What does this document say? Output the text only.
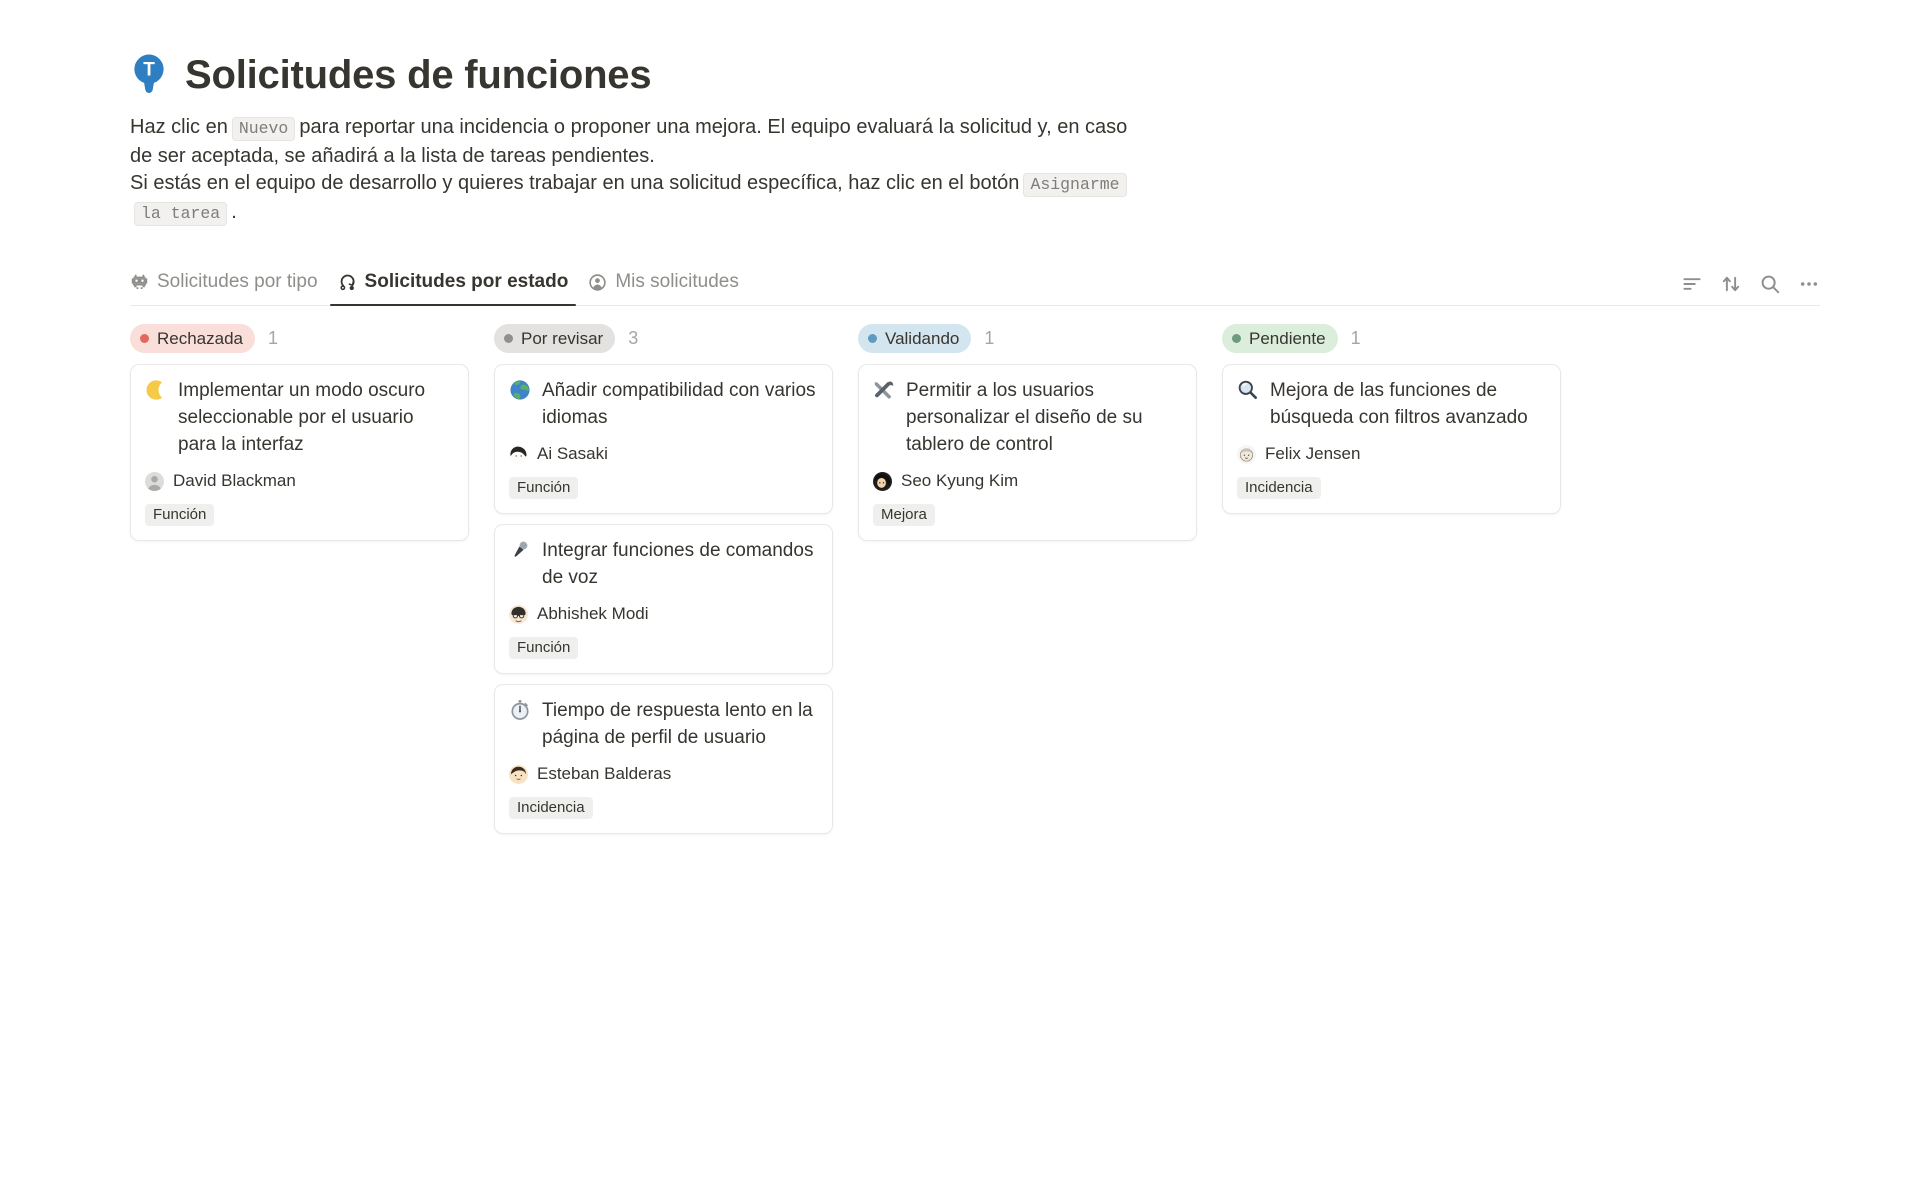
T Solicitudes de funciones

Haz clic en Nuevo para reportar una incidencia o proponer una mejora. El equipo evaluará la solicitud y, en caso de ser aceptada, se añadirá a la lista de tareas pendientes.

Si estás en el equipo de desarrollo y quieres trabajar en una solicitud específica, haz clic en el botón Asignarme la tarea .

Solicitudes por tipo Solicitudes por estado Mis solicitudes
Rechazada 1
Implementar un modo oscuro seleccionable por el usuario para la interfaz
David Blackman
Función
Por revisar 3
Añadir compatibilidad con varios idiomas
Ai Sasaki
Función
Integrar funciones de comandos de voz
Abhishek Modi
Función
Tiempo de respuesta lento en la página de perfil de usuario
Esteban Balderas
Incidencia
Validando 1
Permitir a los usuarios personalizar el diseño de su tablero de control
Seo Kyung Kim
Mejora
Pendiente 1
Mejora de las funciones de búsqueda con filtros avanzado
Felix Jensen
Incidencia
